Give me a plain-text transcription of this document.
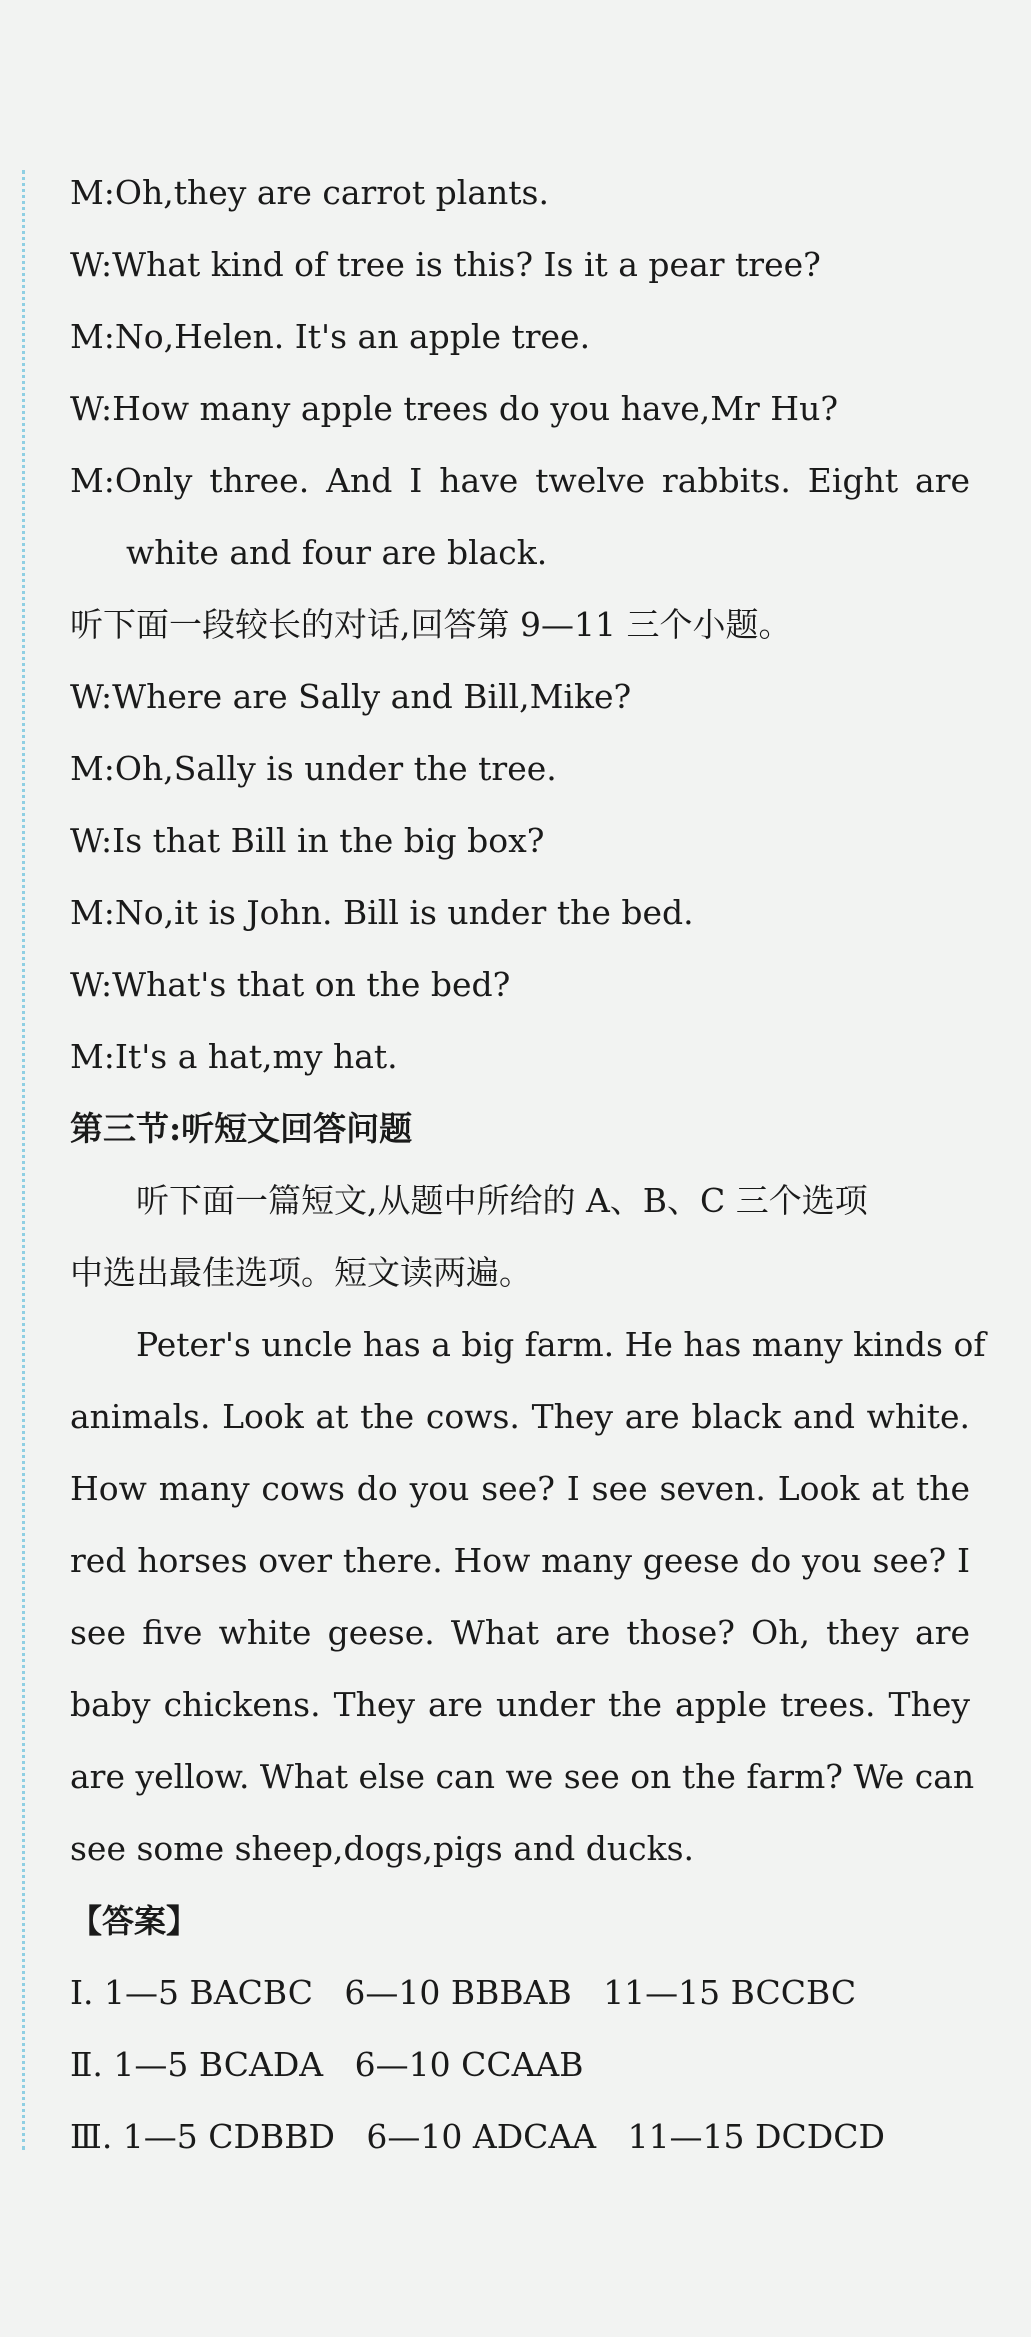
M:Oh,they are carrot plants.
W:What kind of tree is this? Is it a pear tree?
M:No,Helen. It's an apple tree.
W:How many apple trees do you have,Mr Hu?
M:Only three. And I have twelve rabbits. Eight are
white and four are black.
听下面一段较长的对话,回答第 9—11 三个小题。
W:Where are Sally and Bill,Mike?
M:Oh,Sally is under the tree.
W:Is that Bill in the big box?
M:No,it is John. Bill is under the bed.
W:What's that on the bed?
M:It's a hat,my hat.
第三节:听短文回答问题
听下面一篇短文,从题中所给的 A、B、C 三个选项
中选出最佳选项。短文读两遍。
Peter's uncle has a big farm. He has many kinds of
animals. Look at the cows. They are black and white.
How many cows do you see? I see seven. Look at the
red horses over there. How many geese do you see? I
see five white geese. What are those? Oh, they are
baby chickens. They are under the apple trees. They
are yellow. What else can we see on the farm? We can
see some sheep,dogs,pigs and ducks.
【答案】
Ⅰ. 1—5 BACBC   6—10 BBBAB   11—15 BCCBC
Ⅱ. 1—5 BCADA   6—10 CCAAB
Ⅲ. 1—5 CDBBD   6—10 ADCAA   11—15 DCDCD
